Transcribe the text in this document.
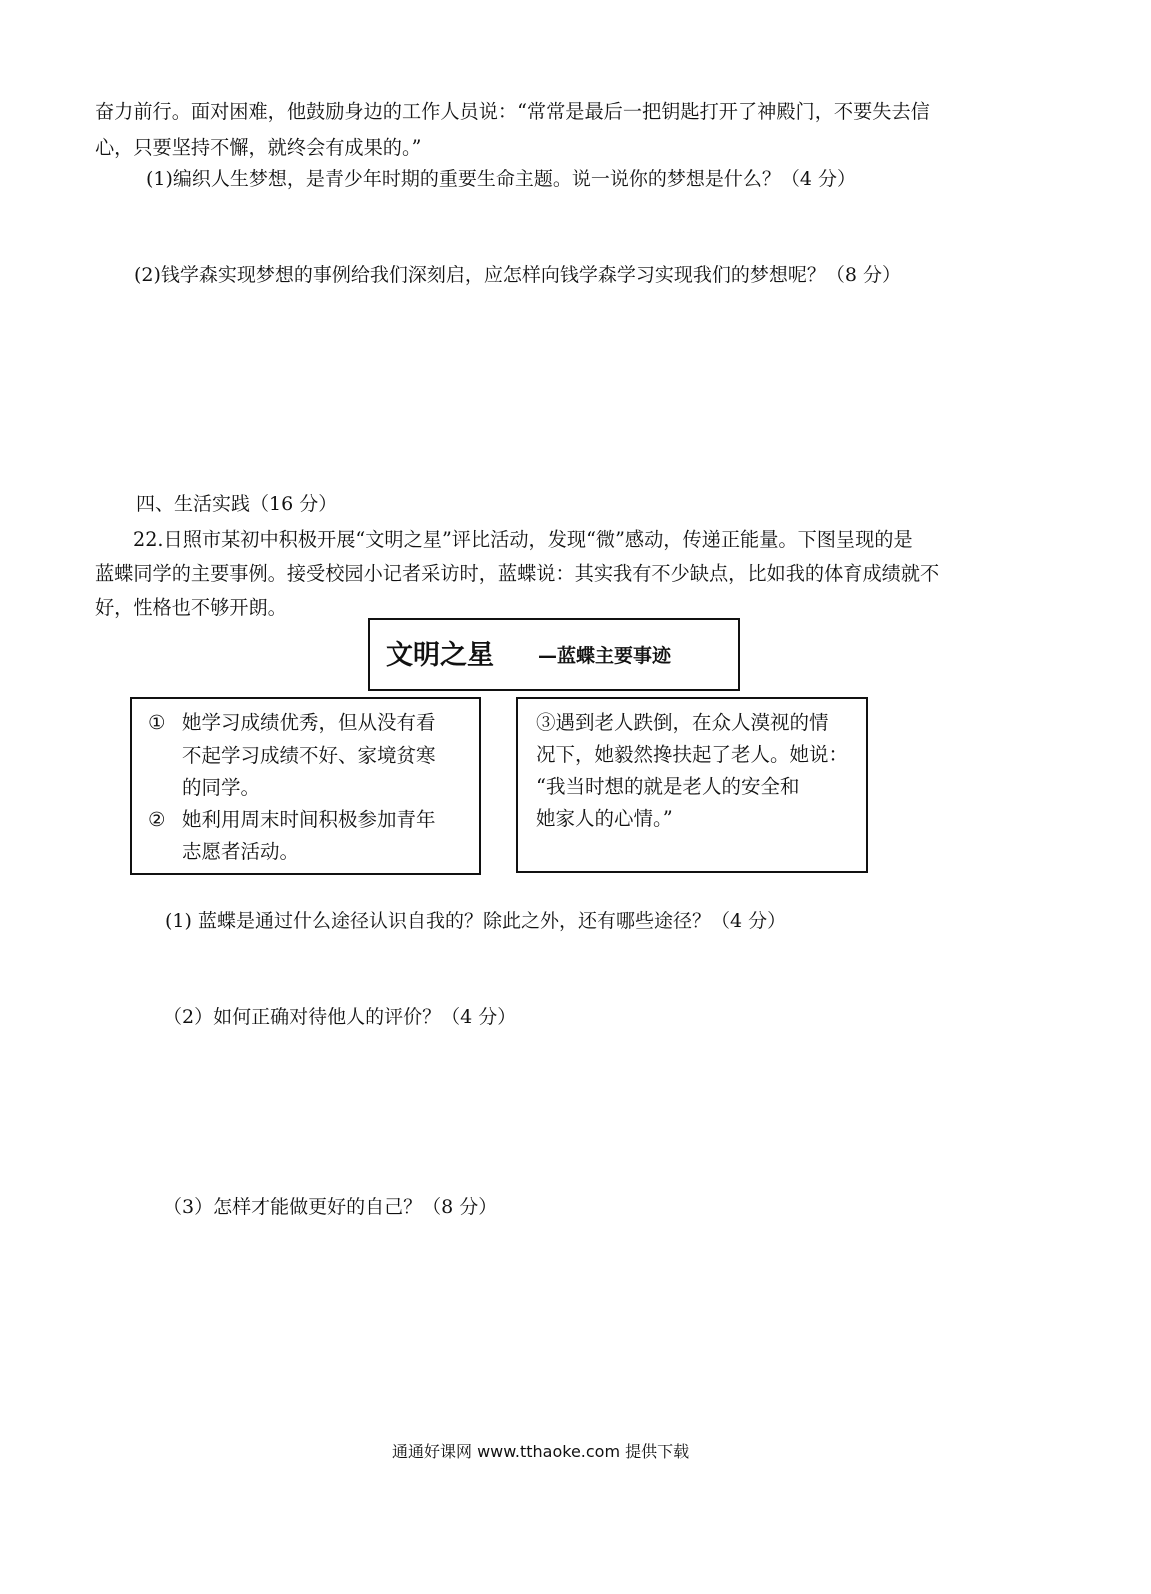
奋力前行。面对困难，他鼓励身边的工作人员说：“常常是最后一把钥匙打开了神殿门，不要失去信
心，只要坚持不懈，就终会有成果的。”
(1)编织人生梦想，是青少年时期的重要生命主题。说一说你的梦想是什么？（4 分）
(2)钱学森实现梦想的事例给我们深刻启，应怎样向钱学森学习实现我们的梦想呢？（8 分）
四、生活实践（16 分）
22.日照市某初中积极开展“文明之星”评比活动，发现“微”感动，传递正能量。下图呈现的是
蓝蝶同学的主要事例。接受校园小记者采访时，蓝蝶说：其实我有不少缺点，比如我的体育成绩就不
好，性格也不够开朗。
文明之星 —蓝蝶主要事迹
① 她学习成绩优秀，但从没有看
不起学习成绩不好、家境贫寒
的同学。
② 她利用周末时间积极参加青年
志愿者活动。
③遇到老人跌倒，在众人漠视的情
况下，她毅然搀扶起了老人。她说：
“我当时想的就是老人的安全和
她家人的心情。”
(1) 蓝蝶是通过什么途径认识自我的？除此之外，还有哪些途径？（4 分）
（2）如何正确对待他人的评价？（4 分）
（3）怎样才能做更好的自己？（8 分）
通通好课网 www.tthaoke.com 提供下载
